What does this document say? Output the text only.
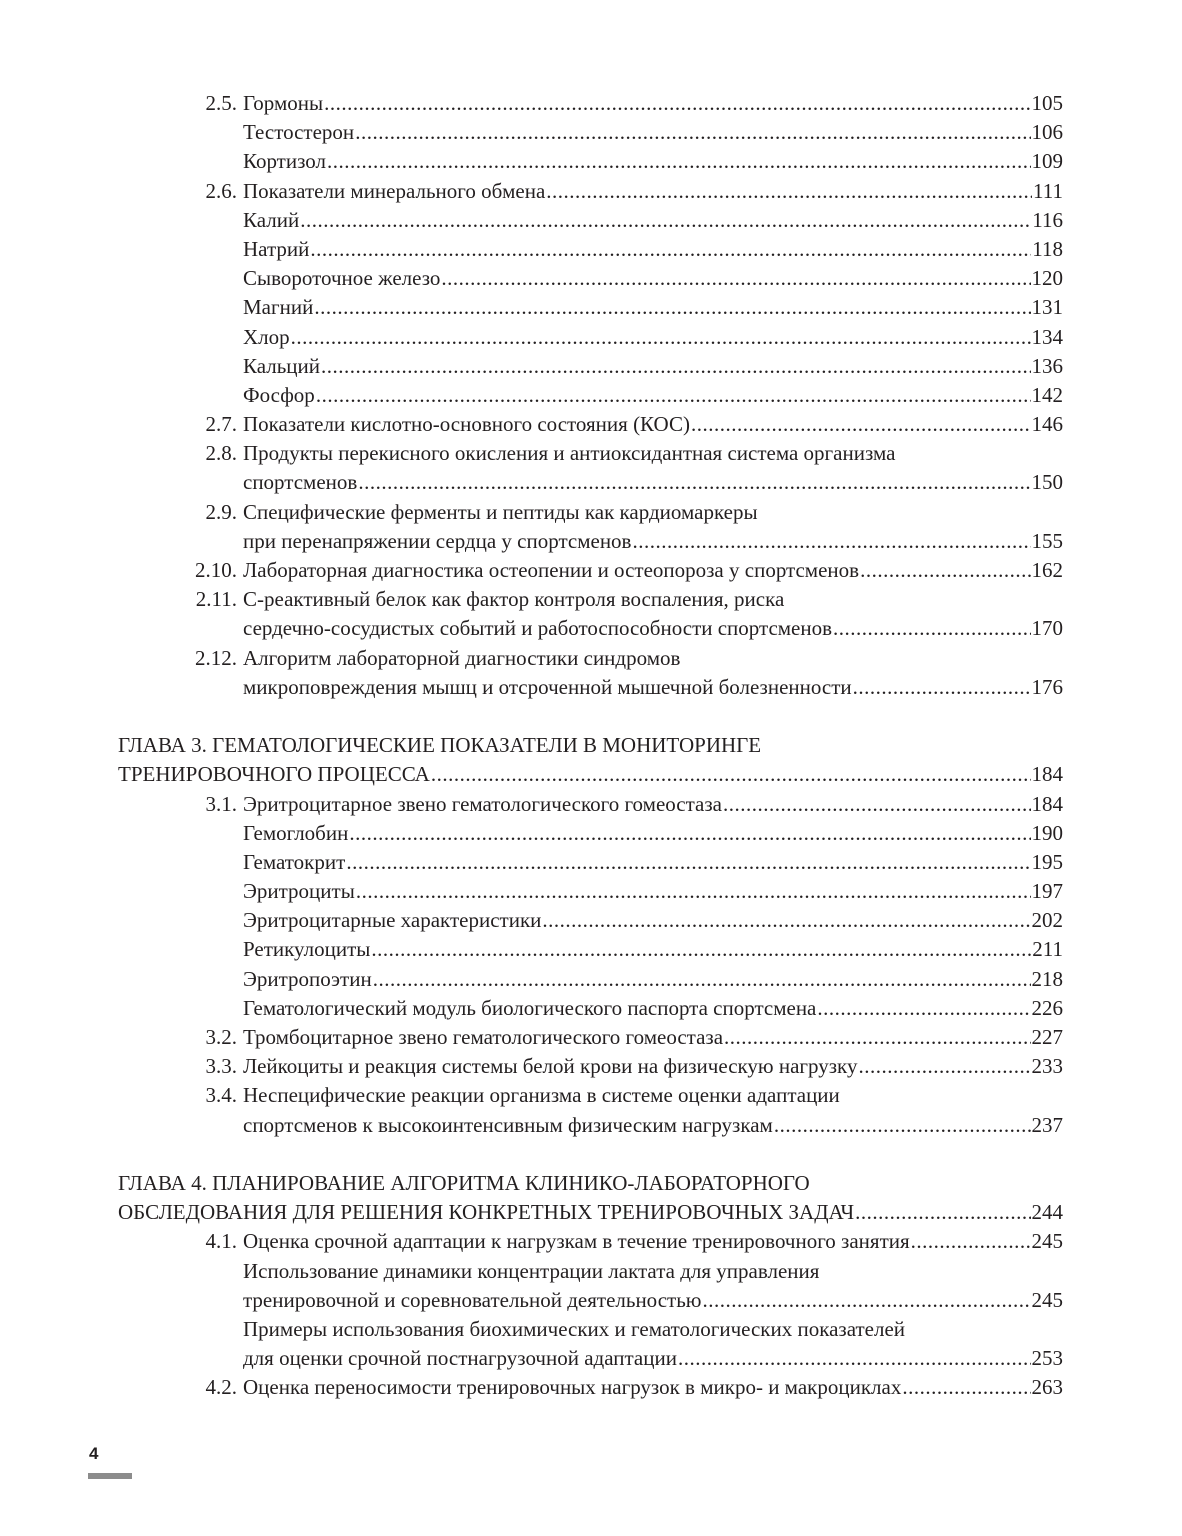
2.5. Гормоны .....	105
Тестостерон .....	106
Кортизол .....	109
2.6. Показатели минерального обмена .....	111
Калий .....	116
Натрий .....	118
Сывороточное железо .....	120
Магний .....	131
Хлор .....	134
Кальций .....	136
Фосфор .....	142
2.7. Показатели кислотно-основного состояния (КОС) .....	146
2.8. Продукты перекисного окисления и антиоксидантная система организма
спортсменов .....	150
2.9. Специфические ферменты и пептиды как кардиомаркеры
при перенапряжении сердца у спортсменов .....	155
2.10. Лабораторная диагностика остеопении и остеопороза у спортсменов .....	162
2.11. С-реактивный белок как фактор контроля воспаления, риска
сердечно-сосудистых событий и работоспособности спортсменов .....	170
2.12. Алгоритм лабораторной диагностики синдромов
микроповреждения мышц и отсроченной мышечной болезненности .....	176
ГЛАВА 3. ГЕМАТОЛОГИЧЕСКИЕ ПОКАЗАТЕЛИ В МОНИТОРИНГЕ
ТРЕНИРОВОЧНОГО ПРОЦЕССА .....	184
3.1. Эритроцитарное звено гематологического гомеостаза .....	184
Гемоглобин .....	190
Гематокрит .....	195
Эритроциты .....	197
Эритроцитарные характеристики .....	202
Ретикулоциты .....	211
Эритропоэтин .....	218
Гематологический модуль биологического паспорта спортсмена .....	226
3.2. Тромбоцитарное звено гематологического гомеостаза .....	227
3.3. Лейкоциты и реакция системы белой крови на физическую нагрузку .....	233
3.4. Неспецифические реакции организма в системе оценки адаптации
спортсменов к высокоинтенсивным физическим нагрузкам .....	237
ГЛАВА 4. ПЛАНИРОВАНИЕ АЛГОРИТМА КЛИНИКО-ЛАБОРАТОРНОГО
ОБСЛЕДОВАНИЯ ДЛЯ РЕШЕНИЯ КОНКРЕТНЫХ ТРЕНИРОВОЧНЫХ ЗАДАЧ .....	244
4.1. Оценка срочной адаптации к нагрузкам в течение тренировочного занятия .....	245
Использование динамики концентрации лактата для управления
тренировочной и соревновательной деятельностью .....	245
Примеры использования биохимических и гематологических показателей
для оценки срочной постнагрузочной адаптации .....	253
4.2. Оценка переносимости тренировочных нагрузок в микро- и макроциклах .....	263
4
